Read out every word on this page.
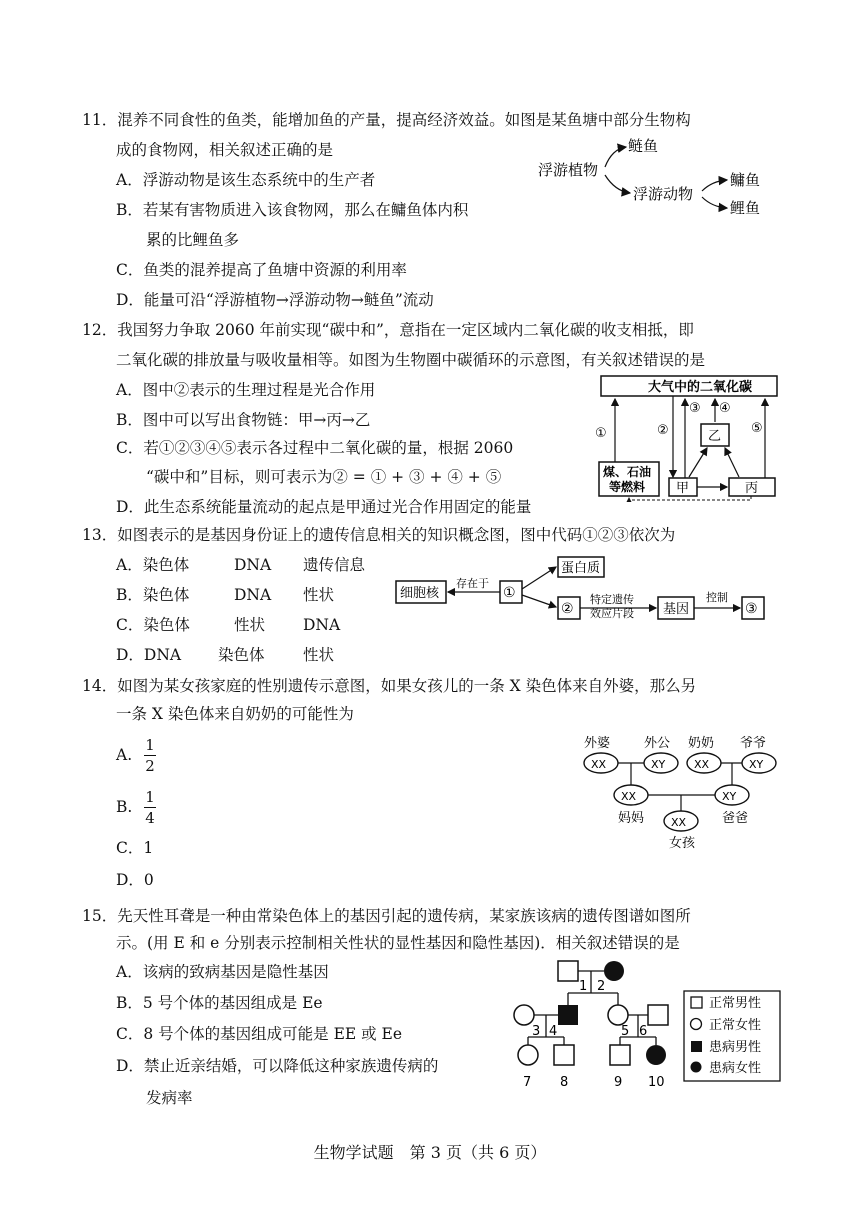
11．混养不同食性的鱼类，能增加鱼的产量，提高经济效益。如图是某鱼塘中部分生物构
成的食物网，相关叙述正确的是
A．浮游动物是该生态系统中的生产者
B．若某有害物质进入该食物网，那么在鳙鱼体内积
累的比鲤鱼多
C．鱼类的混养提高了鱼塘中资源的利用率
D．能量可沿“浮游植物→浮游动物→鲢鱼”流动
浮游植物
鲢鱼
浮游动物
鳙鱼
鲤鱼
12．我国努力争取 2060 年前实现“碳中和”，意指在一定区域内二氧化碳的收支相抵，即
二氧化碳的排放量与吸收量相等。如图为生物圈中碳循环的示意图，有关叙述错误的是
A．图中②表示的生理过程是光合作用
B．图中可以写出食物链：甲→丙→乙
C．若①②③④⑤表示各过程中二氧化碳的量，根据 2060
“碳中和”目标，则可表示为② = ① + ③ + ④ + ⑤
D．此生态系统能量流动的起点是甲通过光合作用固定的能量
大气中的二氧化碳
①	②
③ ④
⑤
乙
煤、石油
等燃料 甲	丙
13．如图表示的是基因身份证上的遗传信息相关的知识概念图，图中代码①②③依次为
A．染色体	DNA 遗传信息
B．染色体	DNA 性状
C．染色体	性状 DNA
D．DNA 染色体 性状
细胞核
存在于
①
蛋白质
②
特定遗传
效应片段 基因
控制
③
14．如图为某女孩家庭的性别遗传示意图，如果女孩儿的一条 X 染色体来自外婆，那么另
一条 X 染色体来自奶奶的可能性为
A.
1
2
B.
1
4
C．1
D．0
外婆	外公 奶奶 爷爷
XX	XY	XX	XY
XX	XY
妈妈	爸爸
XX
女孩
15．先天性耳聋是一种由常染色体上的基因引起的遗传病，某家族该病的遗传图谱如图所
示。(用 E 和 e 分别表示控制相关性状的显性基因和隐性基因)．相关叙述错误的是
A．该病的致病基因是隐性基因
B．5 号个体的基因组成是 Ee
C．8 号个体的基因组成可能是 EE 或 Ee
D．禁止近亲结婚，可以降低这种家族遗传病的
发病率
1 2
3 4	5 6
7 8	9 10
正常男性
正常女性
患病男性
患病女性
生物学试题　第 3 页（共 6 页）
